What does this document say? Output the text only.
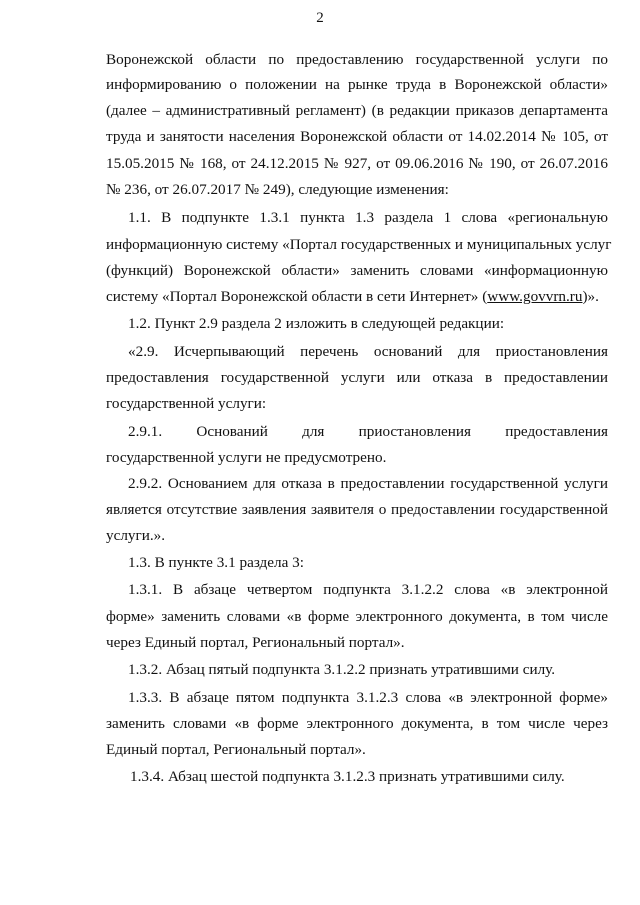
2
Воронежской области по предоставлению государственной услуги по
информированию о положении на рынке труда в Воронежской области»
(далее – административный регламент) (в редакции приказов департамента
труда и занятости населения Воронежской области от 14.02.2014 № 105, от
15.05.2015 № 168, от 24.12.2015 № 927, от 09.06.2016 № 190, от 26.07.2016
№ 236, от 26.07.2017 № 249), следующие изменения:
1.1. В подпункте 1.3.1 пункта 1.3 раздела 1 слова «региональную
информационную систему «Портал государственных и муниципальных услуг
(функций) Воронежской области» заменить словами «информационную
систему «Портал Воронежской области в сети Интернет» (www.govvrn.ru)».
1.2. Пункт 2.9 раздела 2 изложить в следующей редакции:
«2.9. Исчерпывающий перечень оснований для приостановления
предоставления государственной услуги или отказа в предоставлении
государственной услуги:
2.9.1. Оснований для приостановления предоставления
государственной услуги не предусмотрено.
2.9.2. Основанием для отказа в предоставлении государственной услуги
является отсутствие заявления заявителя о предоставлении государственной
услуги.».
1.3. В пункте 3.1 раздела 3:
1.3.1. В абзаце четвертом подпункта 3.1.2.2 слова «в электронной
форме» заменить словами «в форме электронного документа, в том числе
через Единый портал, Региональный портал».
1.3.2. Абзац пятый подпункта 3.1.2.2 признать утратившими силу.
1.3.3. В абзаце пятом подпункта 3.1.2.3 слова «в электронной форме»
заменить словами «в форме электронного документа, в том числе через
Единый портал, Региональный портал».
1.3.4. Абзац шестой подпункта 3.1.2.3 признать утратившими силу.
